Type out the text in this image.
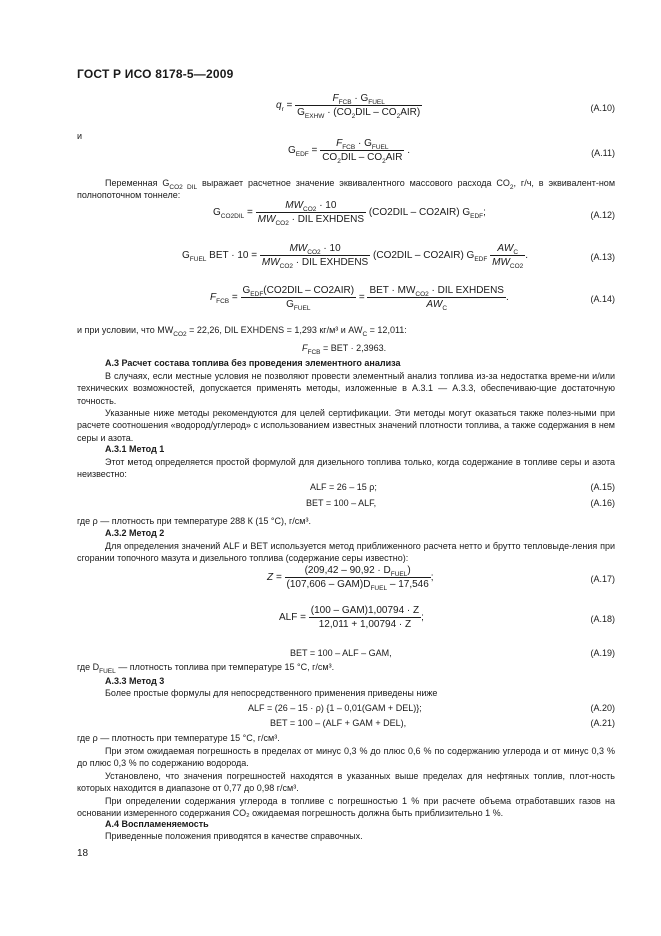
ГОСТ Р ИСО 8178-5—2009
$q_r = \frac{F_{FCB} \cdot G_{FUEL}}{G_{EXHW} \cdot (CO_2DIL - CO_2AIR)}$	(A.10)
и
$G_{EDF} = \frac{F_{FCB} \cdot G_{FUEL}}{CO_2DIL - CO_2AIR}$ .	(A.11)
Переменная $G_{CO2}$ $_{DIL}$ выражает расчетное значение эквивалентного массового расхода $CO_2$, г/ч, в эквивалент-ном полнопоточном тоннеле:
$G_{CO2DIL} = \frac{MW_{CO2} \cdot 10}{MW_{CO2} \cdot DIL EXHDENS} (CO2DIL - CO2AIR)$ $G_{EDF}$;	(A.12)
$G_{FUEL}$ BET · $10 = \frac{MW_{CO2} \cdot 10}{MW_{CO2} \cdot DIL EXHDENS} (CO2DIL - CO2AIR)$ $G_{EDF} \frac{AW_C}{MW_{CO2}}$ .	(A.13)
$F_{FCB} = \frac{G_{EDF}(CO2DIL - CO2AIR)}{G_{FUEL}} = \frac{BET \cdot MW_{CO2} \cdot DIL EXHDENS}{AW_C}$ .	(A.14)
и при условии, что $MW_{CO2} = 22,26$, DIL EXHDENS = 1,293 кг/м³ и $AW_C = 12,011$:
$F_{FCB}$ = BET · 2,3963.
А.3 Расчет состава топлива без проведения элементного анализа
В случаях, если местные условия не позволяют провести элементный анализ топлива из-за недостатка време-ни и/или технических возможностей, допускается применять методы, изложенные в А.3.1 — А.3.3, обеспечиваю-щие достаточную точность.
Указанные ниже методы рекомендуются для целей сертификации. Эти методы могут оказаться также полез-ными при расчете соотношения «водород/углерод» с использованием известных значений плотности топлива, а также содержания в нем серы и азота.
А.3.1 Метод 1
Этот метод определяется простой формулой для дизельного топлива только, когда содержание в топливе серы и азота неизвестно:
ALF = 26 – 15 ρ;	(A.15)
BET = 100 – ALF,	(A.16)
где ρ — плотность при температуре 288 К (15 °С), г/см³.
А.3.2 Метод 2
Для определения значений ALF и BET используется метод приближенного расчета нетто и брутто тепловыде-ления при сгорании топочного мазута и дизельного топлива (содержание серы известно):
$Z = \frac{(209,42 - 90,92 \cdot D_{FUEL})}{(107,606 - GAM)D_{FUEL} - 17,546}$ ;	(A.17)
ALF = $\frac{\text{(100 – GAM)1,00794 · Z}}{12,011 + 1,00794 \cdot Z}$ ;	(A.18)
BET = 100 – ALF – GAM,	(A.19)
где $D_{FUEL}$ — плотность топлива при температуре 15 °С, г/см³.
А.3.3 Метод 3
Более простые формулы для непосредственного применения приведены ниже
ALF = (26 – 15 · ρ) {1 – 0,01(GAM + DEL)};	(A.20)
BET = 100 – (ALF + GAM + DEL),	(A.21)
где ρ — плотность при температуре 15 °С, г/см³.
При этом ожидаемая погрешность в пределах от минус 0,3 % до плюс 0,6 % по содержанию углерода и от минус 0,3 % до плюс 0,3 % по содержанию водорода.
Установлено, что значения погрешностей находятся в указанных выше пределах для нефтяных топлив, плот-ность которых находится в диапазоне от 0,77 до 0,98 г/см³.
При определении содержания углерода в топливе с погрешностью 1 % при расчете объема отработавших газов на основании измеренного содержания CO₂ ожидаемая погрешность должна быть приблизительно 1 %.
А.4 Воспламеняемость
Приведенные положения приводятся в качестве справочных.
18
